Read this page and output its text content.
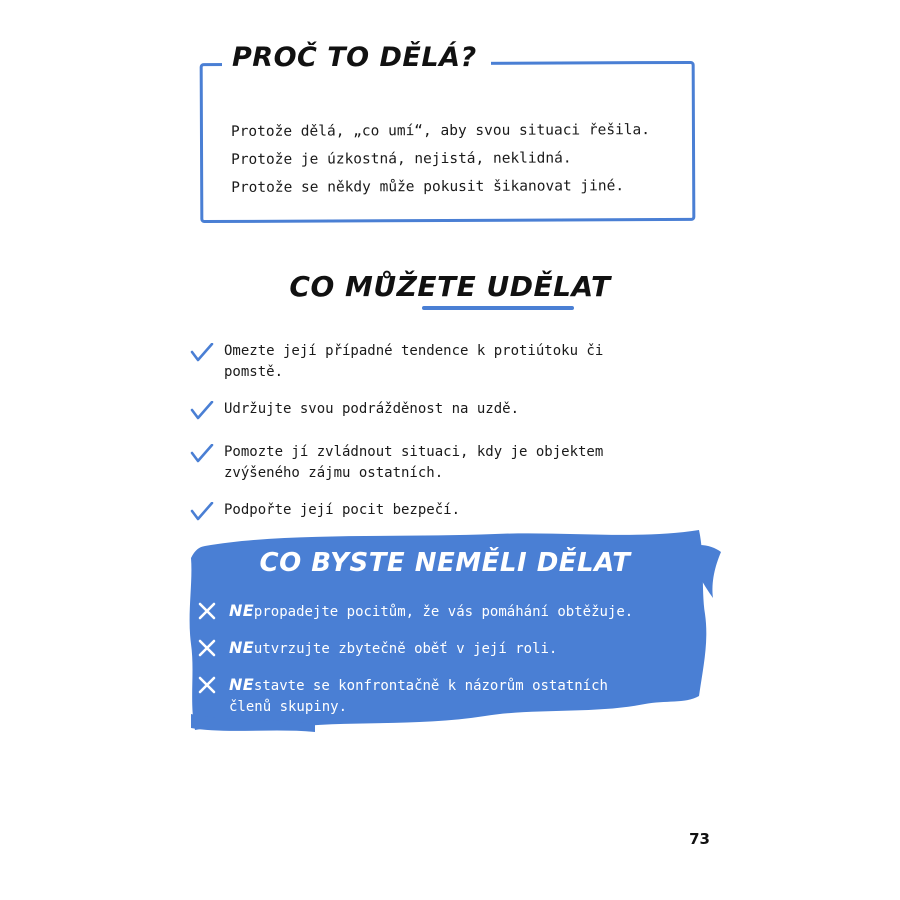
Protože dělá, „co umí“, aby svou situaci řešila.
Protože je úzkostná, nejistá, neklidná.
Protože se někdy může pokusit šikanovat jiné.
PROČ TO DĚLÁ?
CO MŮŽETE UDĚLAT
Omezte její případné tendence k protiútoku či pomstě.
Udržujte svou podrážděnost na uzdě.
Pomozte jí zvládnout situaci, kdy je objektem zvýšeného zájmu ostatních.
Podpořte její pocit bezpečí.
CO BYSTE NEMĚLI DĚLAT
NEpropadejte pocitům, že vás pomáhání obtěžuje.
NEutvrzujte zbytečně oběť v její roli.
NEstavte se konfrontačně k názorům ostatních členů skupiny.
73
